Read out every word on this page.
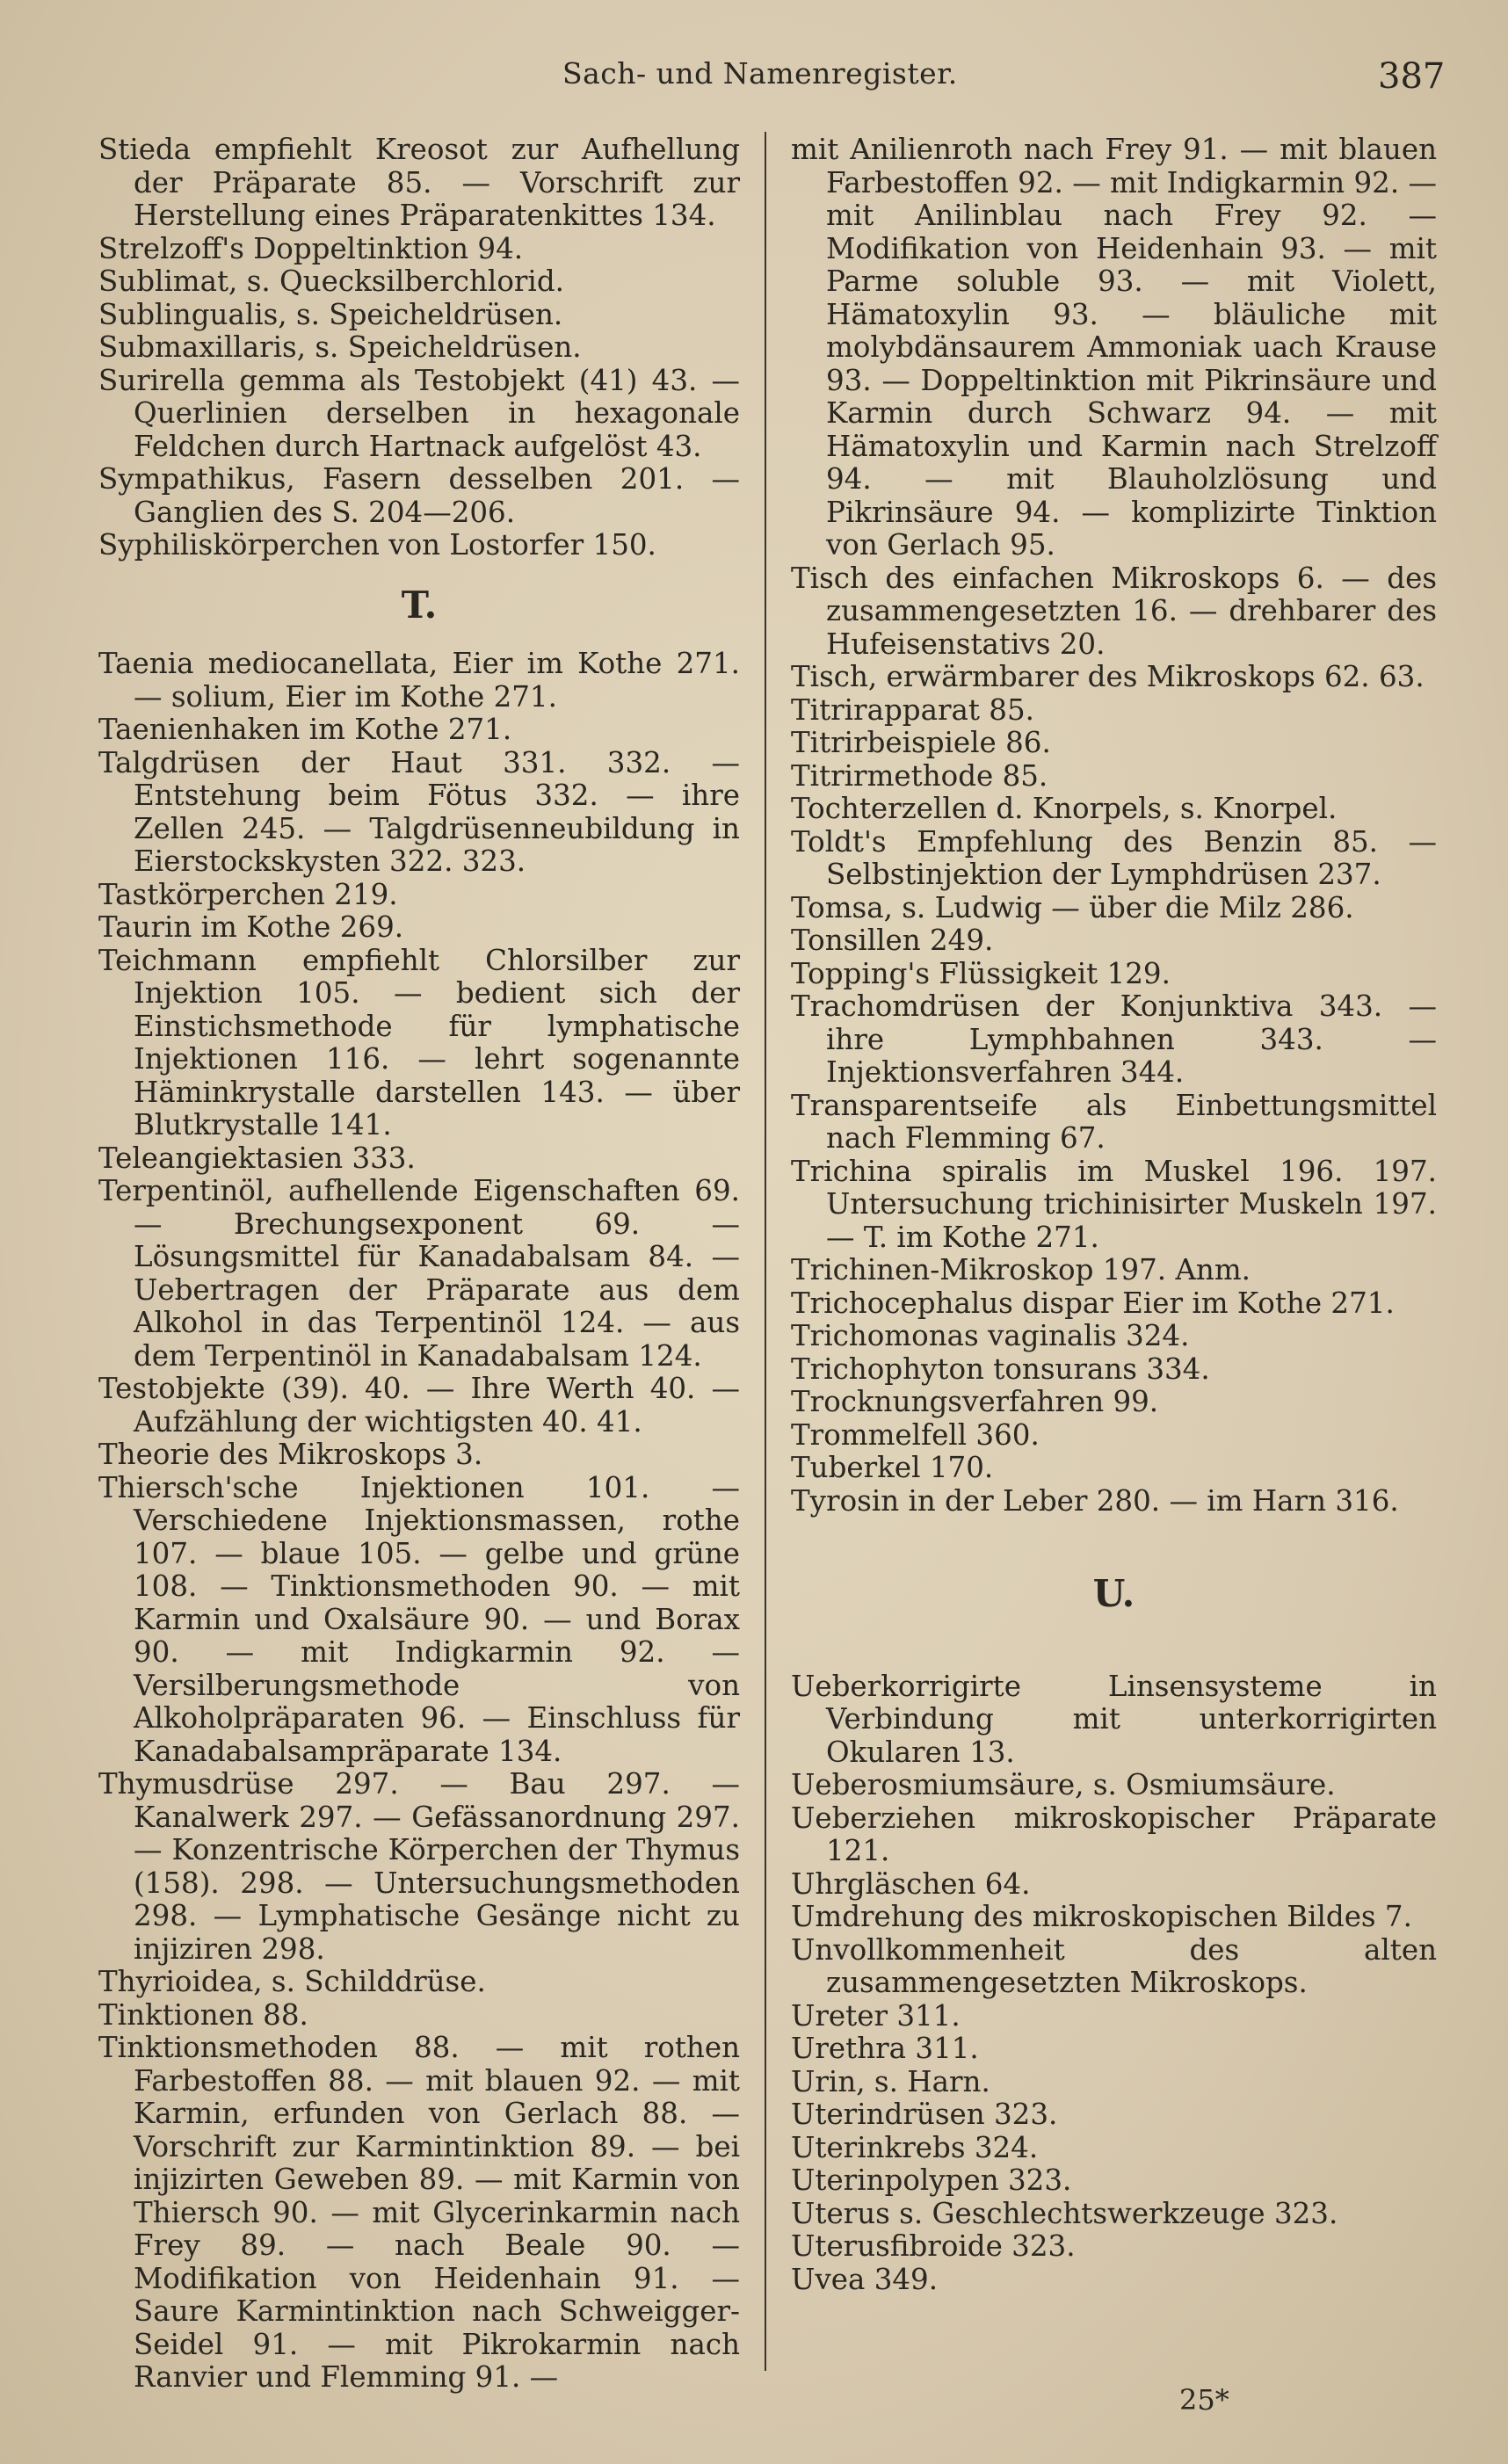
Sach- und Namenregister.	387
Stieda empfiehlt Kreosot zur Aufhellung der Präparate 85. — Vorschrift zur Herstellung eines Präparatenkittes 134.
Strelzoff's Doppeltinktion 94.
Sublimat, s. Quecksilberchlorid.
Sublingualis, s. Speicheldrüsen.
Submaxillaris, s. Speicheldrüsen.
Surirella gemma als Testobjekt (41) 43. — Querlinien derselben in hexagonale Feldchen durch Hartnack aufgelöst 43.
Sympathikus, Fasern desselben 201. — Ganglien des S. 204—206.
Syphiliskörperchen von Lostorfer 150.
T.
Taenia mediocanellata, Eier im Kothe 271. — solium, Eier im Kothe 271.
Taenienhaken im Kothe 271.
Talgdrüsen der Haut 331. 332. — Entstehung beim Fötus 332. — ihre Zellen 245. — Talgdrüsenneubildung in Eierstockskysten 322. 323.
Tastkörperchen 219.
Taurin im Kothe 269.
Teichmann empfiehlt Chlorsilber zur Injektion 105. — bedient sich der Einstichsmethode für lymphatische Injektionen 116. — lehrt sogenannte Häminkrystalle darstellen 143. — über Blutkrystalle 141.
Teleangiektasien 333.
Terpentinöl, aufhellende Eigenschaften 69. — Brechungsexponent 69. — Lösungsmittel für Kanadabalsam 84. — Uebertragen der Präparate aus dem Alkohol in das Terpentinöl 124. — aus dem Terpentinöl in Kanadabalsam 124.
Testobjekte (39). 40. — Ihre Werth 40. — Aufzählung der wichtigsten 40. 41.
Theorie des Mikroskops 3.
Thiersch'sche Injektionen 101. — Verschiedene Injektionsmassen, rothe 107. — blaue 105. — gelbe und grüne 108. — Tinktionsmethoden 90. — mit Karmin und Oxalsäure 90. — und Borax 90. — mit Indigkarmin 92. — Versilberungsmethode von Alkoholpräparaten 96. — Einschluss für Kanadabalsampräparate 134.
Thymusdrüse 297. — Bau 297. — Kanalwerk 297. — Gefässanordnung 297. — Konzentrische Körperchen der Thymus (158). 298. — Untersuchungsmethoden 298. — Lymphatische Gesänge nicht zu injiziren 298.
Thyrioidea, s. Schilddrüse.
Tinktionen 88.
Tinktionsmethoden 88. — mit rothen Farbestoffen 88. — mit blauen 92. — mit Karmin, erfunden von Gerlach 88. — Vorschrift zur Karmintinktion 89. — bei injizirten Geweben 89. — mit Karmin von Thiersch 90. — mit Glycerinkarmin nach Frey 89. — nach Beale 90. — Modifikation von Heidenhain 91. — Saure Karmintinktion nach Schweigger-Seidel 91. — mit Pikrokarmin nach Ranvier und Flemming 91. —
mit Anilienroth nach Frey 91. — mit blauen Farbestoffen 92. — mit Indigkarmin 92. — mit Anilinblau nach Frey 92. — Modifikation von Heidenhain 93. — mit Parme soluble 93. — mit Violett, Hämatoxylin 93. — bläuliche mit molybdänsaurem Ammoniak uach Krause 93. — Doppeltinktion mit Pikrinsäure und Karmin durch Schwarz 94. — mit Hämatoxylin und Karmin nach Strelzoff 94. — mit Blauholzlösung und Pikrinsäure 94. — komplizirte Tinktion von Gerlach 95.
Tisch des einfachen Mikroskops 6. — des zusammengesetzten 16. — drehbarer des Hufeisenstativs 20.
Tisch, erwärmbarer des Mikroskops 62. 63.
Titrirapparat 85.
Titrirbeispiele 86.
Titrirmethode 85.
Tochterzellen d. Knorpels, s. Knorpel.
Toldt's Empfehlung des Benzin 85. — Selbstinjektion der Lymphdrüsen 237.
Tomsa, s. Ludwig — über die Milz 286.
Tonsillen 249.
Topping's Flüssigkeit 129.
Trachomdrüsen der Konjunktiva 343. — ihre Lymphbahnen 343. — Injektionsverfahren 344.
Transparentseife als Einbettungsmittel nach Flemming 67.
Trichina spiralis im Muskel 196. 197. Untersuchung trichinisirter Muskeln 197. — T. im Kothe 271.
Trichinen-Mikroskop 197. Anm.
Trichocephalus dispar Eier im Kothe 271.
Trichomonas vaginalis 324.
Trichophyton tonsurans 334.
Trocknungsverfahren 99.
Trommelfell 360.
Tuberkel 170.
Tyrosin in der Leber 280. — im Harn 316.
U.
Ueberkorrigirte Linsensysteme in Verbindung mit unterkorrigirten Okularen 13.
Ueberosmiumsäure, s. Osmiumsäure.
Ueberziehen mikroskopischer Präparate 121.
Uhrgläschen 64.
Umdrehung des mikroskopischen Bildes 7.
Unvollkommenheit des alten zusammengesetzten Mikroskops.
Ureter 311.
Urethra 311.
Urin, s. Harn.
Uterindrüsen 323.
Uterinkrebs 324.
Uterinpolypen 323.
Uterus s. Geschlechtswerkzeuge 323.
Uterusfibroide 323.
Uvea 349.
25*
